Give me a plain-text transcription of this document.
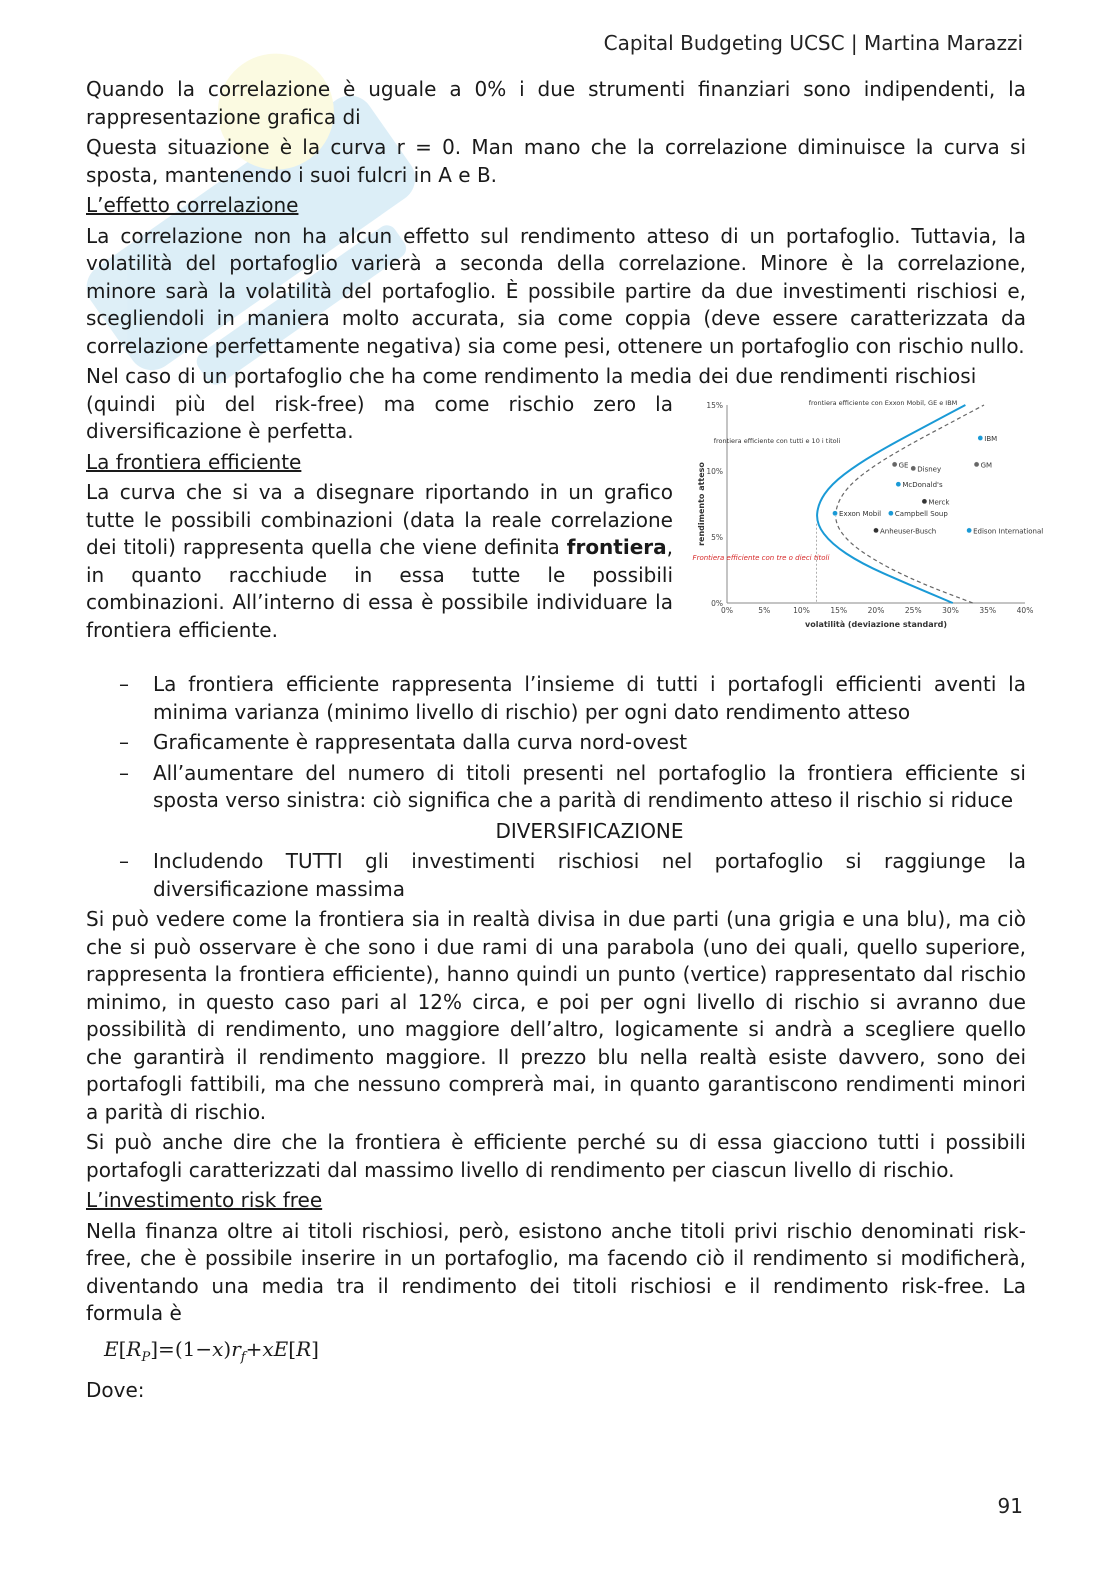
Capital Budgeting UCSC | Martina Marazzi

Quando la correlazione è uguale a 0% i due strumenti finanziari sono indipendenti, la rappresentazione grafica di

Questa situazione è la curva r = 0. Man mano che la correlazione diminuisce la curva si sposta, mantenendo i suoi fulcri in A e B.

L’effetto correlazione

La correlazione non ha alcun effetto sul rendimento atteso di un portafoglio. Tuttavia, la volatilità del portafoglio varierà a seconda della correlazione. Minore è la correlazione, minore sarà la volatilità del portafoglio. È possibile partire da due investimenti rischiosi e, scegliendoli in maniera molto accurata, sia come coppia (deve essere caratterizzata da correlazione perfettamente negativa) sia come pesi, ottenere un portafoglio con rischio nullo.

Nel caso di un portafoglio che ha come rendimento la media dei due rendimenti rischiosi

0%	5%	10%	15%	20%	25%	30%	35%	40%
0%
5%
10%
15%
volatilità (deviazione standard)
rendimento atteso
IBM
GE	GM
Disney
McDonald's
Merck
Exxon Mobil Campbell Soup
Anheuser-Busch	Edison International
frontiera efficiente con Exxon Mobil, GE e IBM
frontiera efficiente con tutti e 10 i titoli
Frontiera efficiente con tre o dieci titoli

(quindi più del risk-free) ma come rischio zero la diversificazione è perfetta.

La frontiera efficiente

La curva che si va a disegnare riportando in un grafico tutte le possibili combinazioni (data la reale correlazione dei titoli) rappresenta quella che viene definita frontiera, in quanto racchiude in essa tutte le possibili combinazioni. All’interno di essa è possibile individuare la frontiera efficiente.

– La frontiera efficiente rappresenta l’insieme di tutti i portafogli efficienti aventi la minima varianza (minimo livello di rischio) per ogni dato rendimento atteso
– Graficamente è rappresentata dalla curva nord-ovest
– All’aumentare del numero di titoli presenti nel portafoglio la frontiera efficiente si sposta verso sinistra: ciò significa che a parità di rendimento atteso il rischio si riduce
DIVERSIFICAZIONE
– Includendo TUTTI gli investimenti rischiosi nel portafoglio si raggiunge la diversificazione massima

Si può vedere come la frontiera sia in realtà divisa in due parti (una grigia e una blu), ma ciò che si può osservare è che sono i due rami di una parabola (uno dei quali, quello superiore, rappresenta la frontiera efficiente), hanno quindi un punto (vertice) rappresentato dal rischio minimo, in questo caso pari al 12% circa, e poi per ogni livello di rischio si avranno due possibilità di rendimento, uno maggiore dell’altro, logicamente si andrà a scegliere quello che garantirà il rendimento maggiore. Il prezzo blu nella realtà esiste davvero, sono dei portafogli fattibili, ma che nessuno comprerà mai, in quanto garantiscono rendimenti minori a parità di rischio.

Si può anche dire che la frontiera è efficiente perché su di essa giacciono tutti i possibili portafogli caratterizzati dal massimo livello di rendimento per ciascun livello di rischio.

L’investimento risk free

Nella finanza oltre ai titoli rischiosi, però, esistono anche titoli privi rischio denominati risk-free, che è possibile inserire in un portafoglio, ma facendo ciò il rendimento si modificherà, diventando una media tra il rendimento dei titoli rischiosi e il rendimento risk-free. La formula è

$E[R_P]=(1-x)r_f+xE[R]$

Dove:

91
